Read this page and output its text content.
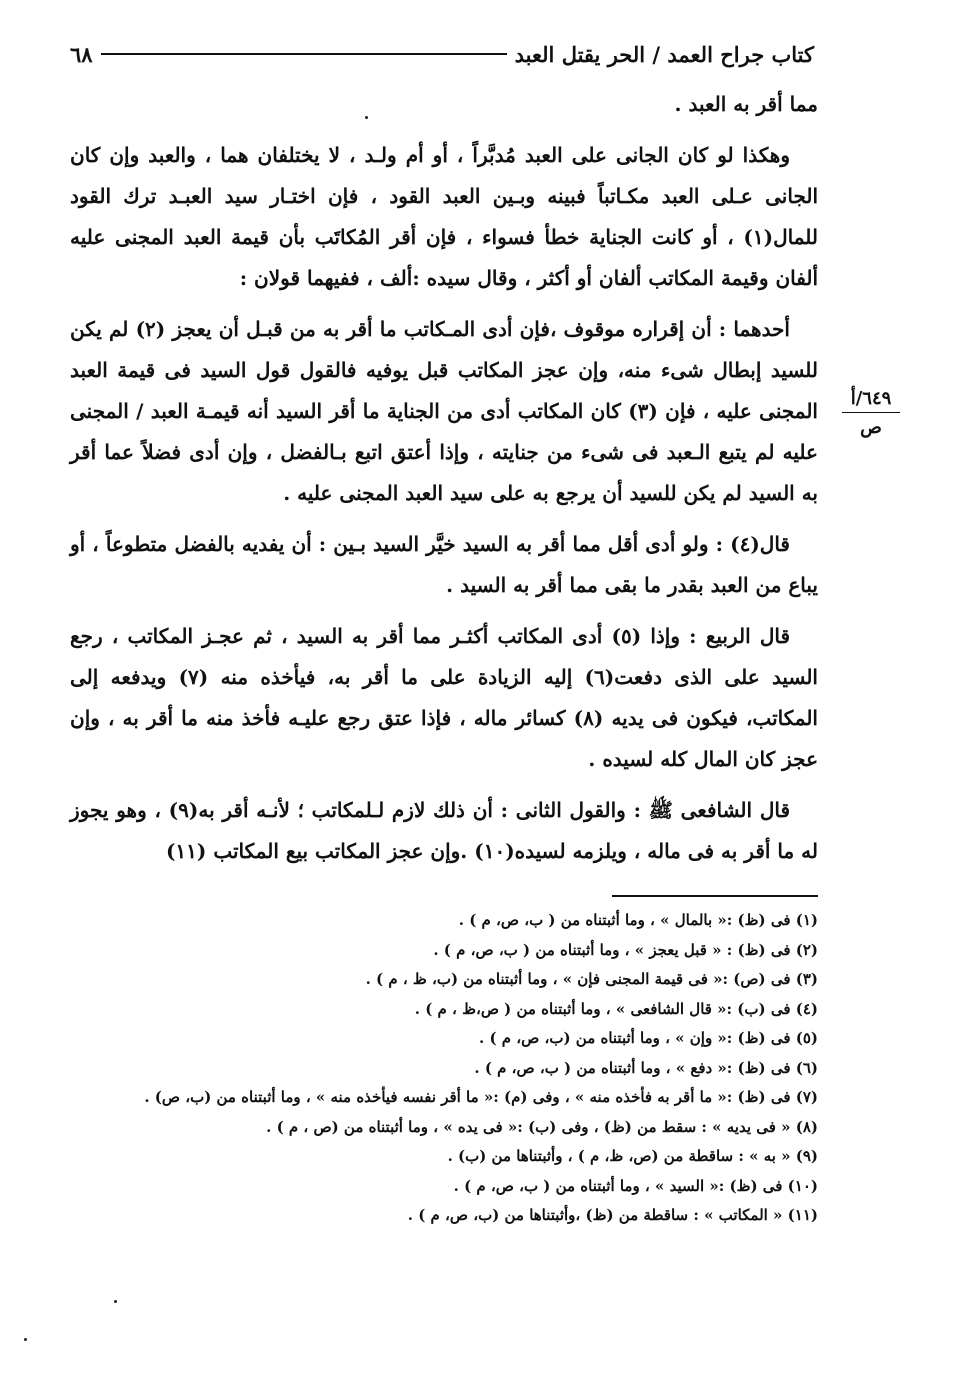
كتاب جراح العمد / الحر يقتل العبد
٦٨

مما أقر به العبد .

وهكذا لو كان الجانى على العبد مُدبَّراً ، أو أم ولـد ، لا يختلفان هما ، والعبد وإن كان الجانى عـلى العبد مكـاتباً فبينه وبـين العبد القود ، فإن اختـار سيد العبـد ترك القود للمال(١) ، أو كانت الجناية خطأ فسواء ، فإن أقر المُكاتَب بأن قيمة العبد المجنى عليه ألفان وقيمة المكاتب ألفان أو أكثر ، وقال سيده :ألف ، ففيهما قولان :

أحدهما : أن إقراره موقوف ،فإن أدى المـكاتب ما أقر به من قبـل أن يعجز (٢) لم يكن للسيد إبطال شىء منه، وإن عجز المكاتب قبل يوفيه فالقول قول السيد فى قيمة العبد المجنى عليه ، فإن (٣) كان المكاتب أدى من الجناية ما أقر السيد أنه قيمـة العبد / المجنى عليه لم يتبع الـعبد فى شىء من جنايته ، وإذا أعتق اتبع بـالفضل ، وإن أدى فضلاً عما أقر به السيد لم يكن للسيد أن يرجع به على سيد العبد المجنى عليه .

قال(٤) : ولو أدى أقل مما أقر به السيد خيَّر السيد بـين : أن يفديه بالفضل متطوعاً ، أو يباع من العبد بقدر ما بقى مما أقر به السيد .

قال الربيع : وإذا (٥) أدى المكاتب أكثـر مما أقر به السيد ، ثم عجـز المكاتب ، رجع السيد على الذى دفعت(٦) إليه الزيادة على ما أقر به، فيأخذه منه (٧) ويدفعه إلى المكاتب، فيكون فى يديه (٨) كسائر ماله ، فإذا عتق رجع عليـه فأخذ منه ما أقر به ، وإن عجز كان المال كله لسيده .

قال الشافعى ﷺ : والقول الثانى : أن ذلك لازم لـلمكاتب ؛ لأنـه أقر به(٩) ، وهو يجوز له ما أقر به فى ماله ، ويلزمه لسيده(١٠) .وإن عجز المكاتب بيع المكاتب (١١)

٦٤٩/أ
ص
(١) فى (ظ) :« بالمال » ، وما أثبتناه من ( ب، ص، م ) .
(٢) فى (ظ) : « قبل يعجز » ، وما أثبتناه من ( ب، ص، م ) .
(٣) فى (ص) :« فى قيمة المجنى فإن » ، وما أثبتناه من (ب، ظ ، م ) .
(٤) فى (ب) :« قال الشافعى » ، وما أثبتناه من ( ص،ظ ، م ) .
(٥) فى (ظ) :« وإن » ، وما أثبتناه من (ب، ص، م ) .
(٦) فى (ظ) :« دفع » ، وما أثبتناه من ( ب، ص، م ) .
(٧) فى (ظ) :« ما أقر به فأخذه منه » ، وفى (م) :« ما أقر نفسه فيأخذه منه » ، وما أثبتناه من (ب، ص) .
(٨) « فى يديه » : سقط من (ظ) ، وفى (ب) :« فى يده » ، وما أثبتناه من (ص ، م ) .
(٩) « به » : ساقطة من (ص، ظ، م ) ، وأثبتناها من (ب) .
(١٠) فى (ظ) :« السيد » ، وما أثبتناه من ( ب، ص، م ) .
(١١) « المكاتب » : ساقطة من (ظ) ،وأثبتناها من (ب، ص، م ) .
